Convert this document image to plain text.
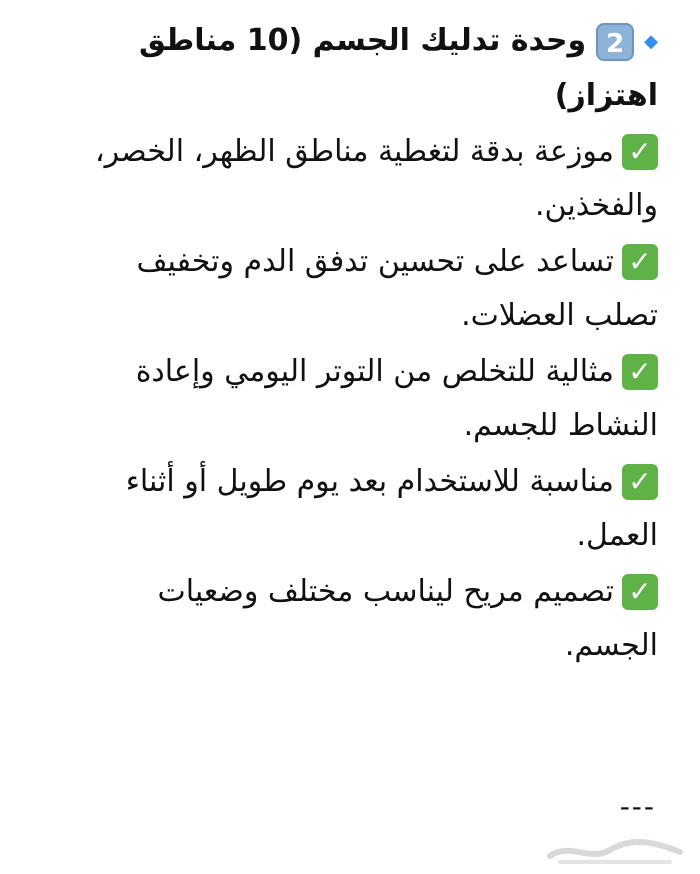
◆2وحدة تدليك الجسم (10 مناطق اهتزاز)
✓موزعة بدقة لتغطية مناطق الظهر، الخصر، والفخذين.
✓تساعد على تحسين تدفق الدم وتخفيف تصلب العضلات.
✓مثالية للتخلص من التوتر اليومي وإعادة النشاط للجسم.
✓مناسبة للاستخدام بعد يوم طويل أو أثناء العمل.
✓تصميم مريح ليناسب مختلف وضعيات الجسم.
---
